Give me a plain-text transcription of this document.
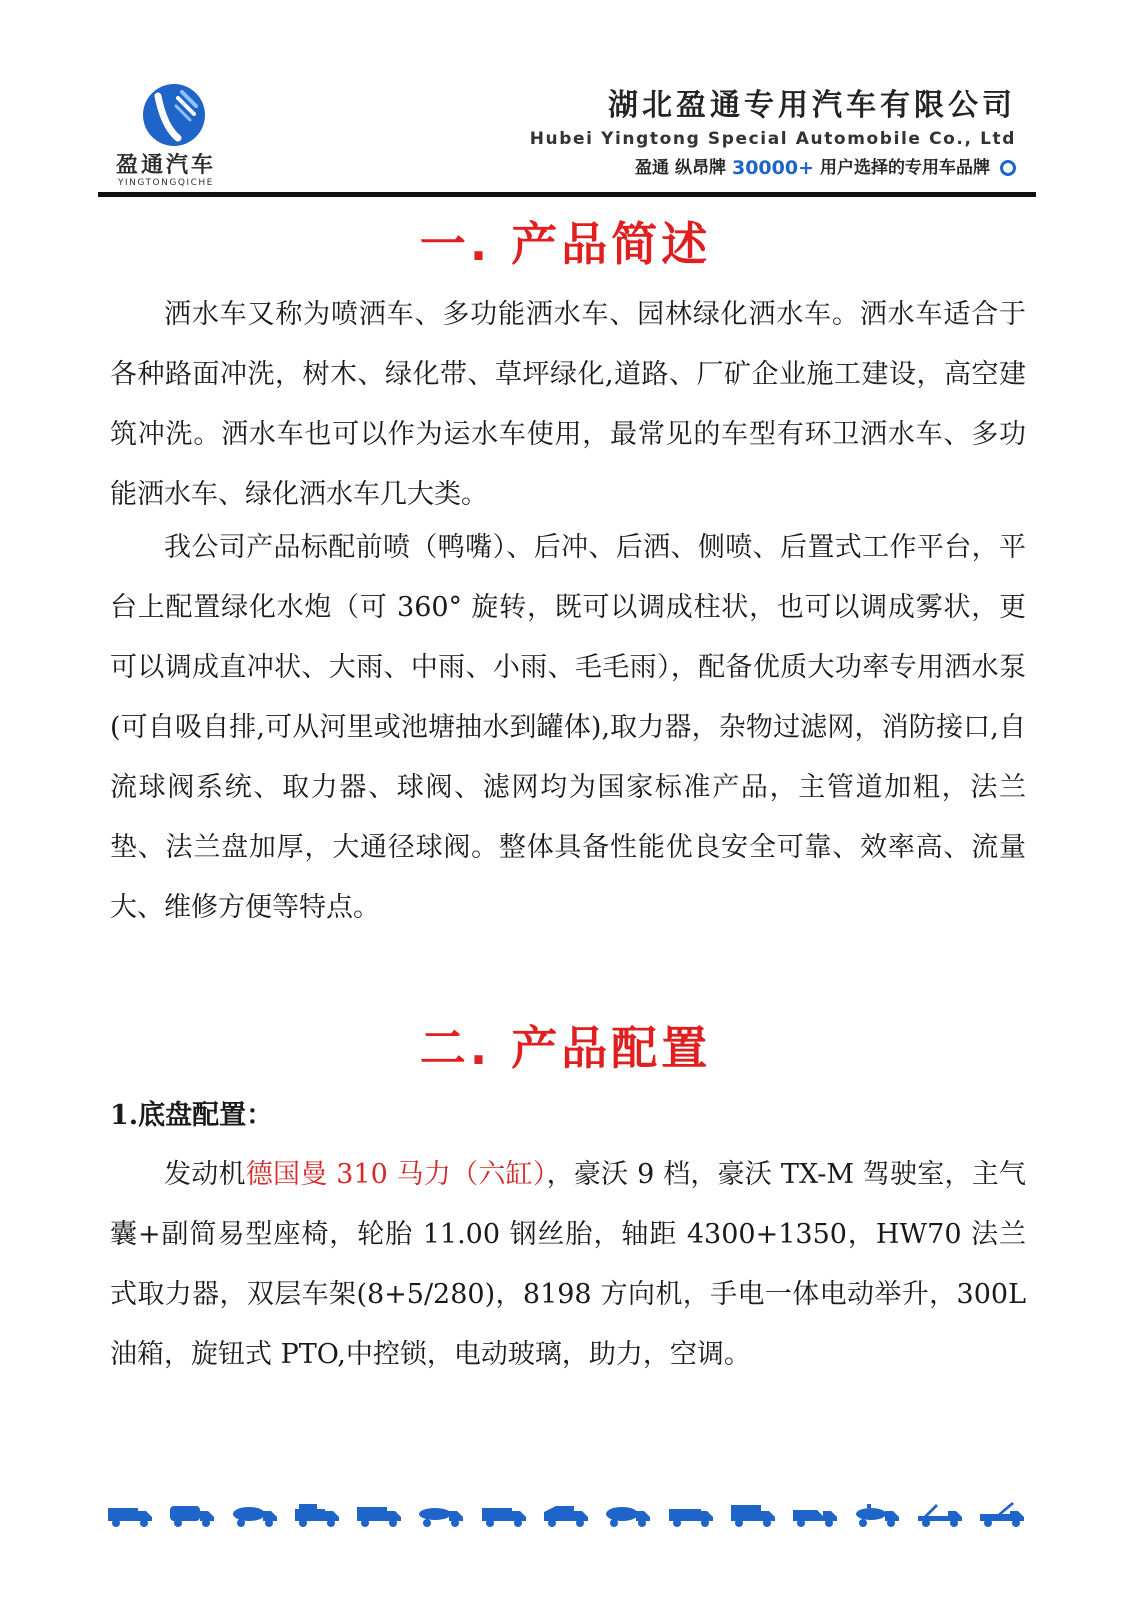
盈通汽车
YINGTONGQICHE
湖北盈通专用汽车有限公司
Hubei Yingtong Special Automobile Co., Ltd
盈通 纵昂牌 30000+ 用户选择的专用车品牌
一. 产品简述

洒水车又称为喷洒车、多功能洒水车、园林绿化洒水车。洒水车适合于各种路面冲洗，树木、绿化带、草坪绿化,道路、厂矿企业施工建设，高空建筑冲洗。洒水车也可以作为运水车使用，最常见的车型有环卫洒水车、多功能洒水车、绿化洒水车几大类。

我公司产品标配前喷（鸭嘴）、后冲、后洒、侧喷、后置式工作平台，平台上配置绿化水炮（可 360° 旋转，既可以调成柱状，也可以调成雾状，更可以调成直冲状、大雨、中雨、小雨、毛毛雨），配备优质大功率专用洒水泵(可自吸自排,可从河里或池塘抽水到罐体),取力器，杂物过滤网，消防接口,自流球阀系统、取力器、球阀、滤网均为国家标准产品，主管道加粗，法兰垫、法兰盘加厚，大通径球阀。整体具备性能优良安全可靠、效率高、流量大、维修方便等特点。

二. 产品配置
1.底盘配置：

发动机德国曼 310 马力（六缸），豪沃 9 档，豪沃 TX-M 驾驶室，主气囊+副简易型座椅，轮胎 11.00 钢丝胎，轴距 4300+1350，HW70 法兰式取力器，双层车架(8+5/280)，8198 方向机，手电一体电动举升，300L 油箱，旋钮式 PTO,中控锁，电动玻璃，助力，空调。
